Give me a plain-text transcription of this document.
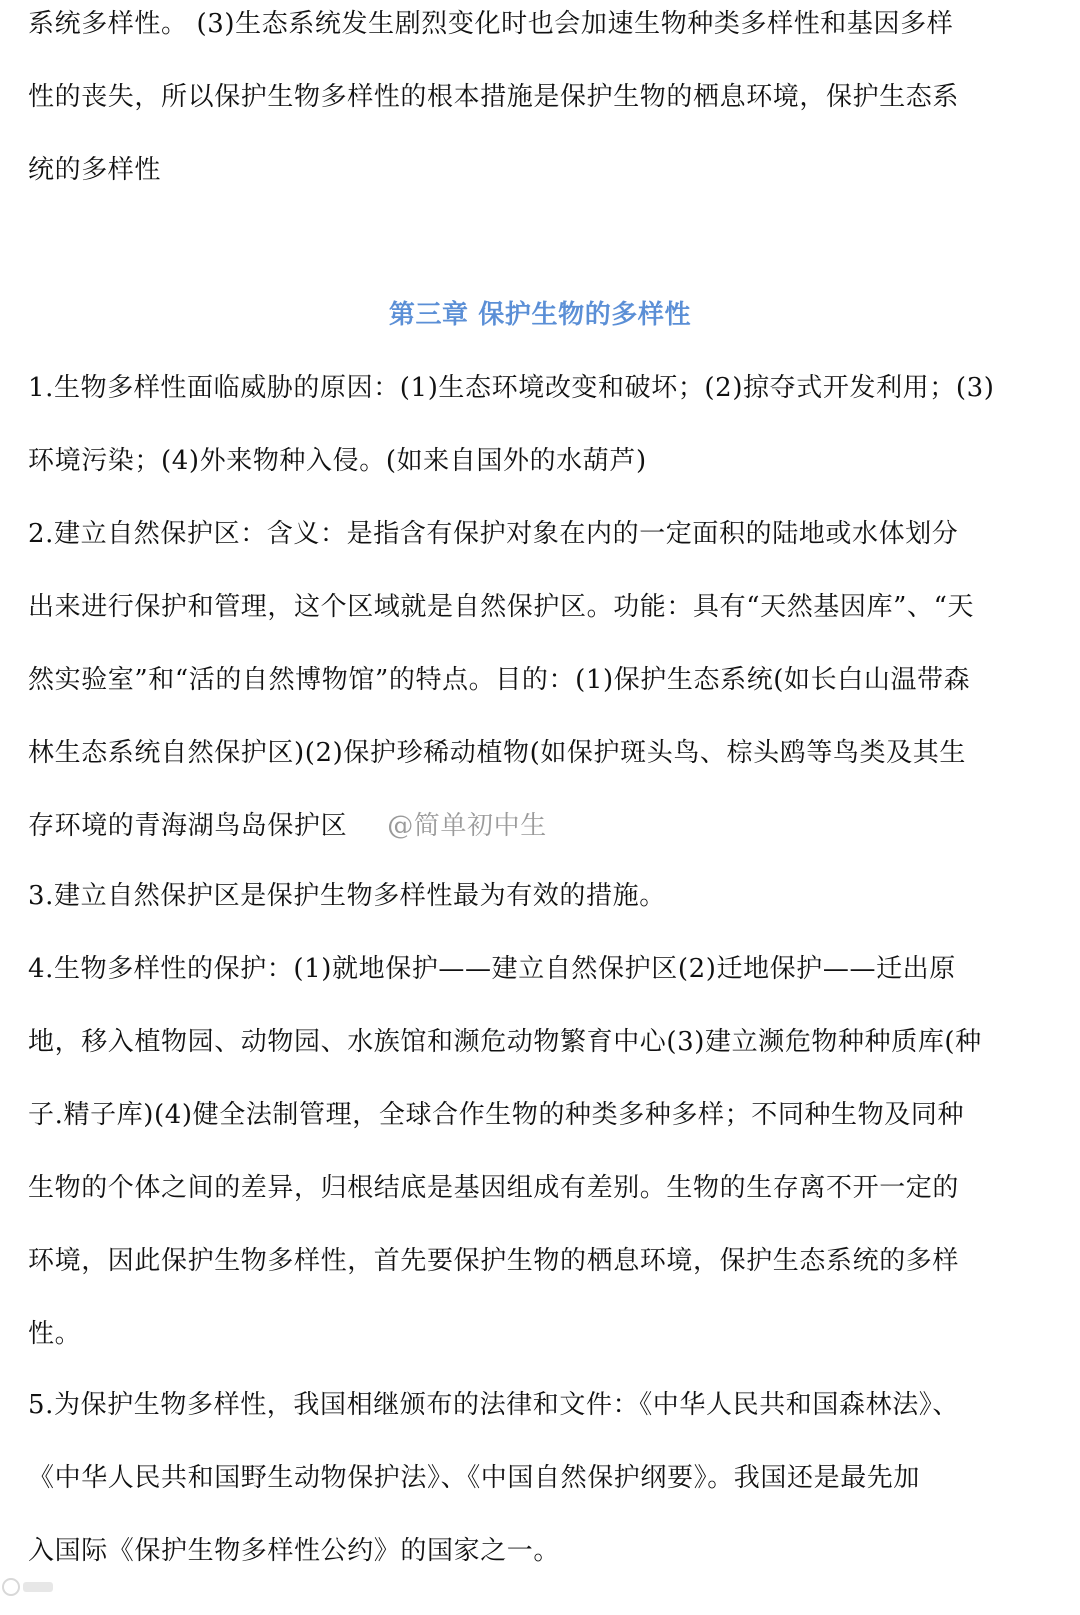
系统多样性。 (3)生态系统发生剧烈变化时也会加速生物种类多样性和基因多样
性的丧失，所以保护生物多样性的根本措施是保护生物的栖息环境，保护生态系
统的多样性

第三章 保护生物的多样性

1.生物多样性面临威胁的原因：(1)生态环境改变和破坏；(2)掠夺式开发利用；(3)
环境污染；(4)外来物种入侵。(如来自国外的水葫芦)

2.建立自然保护区：含义：是指含有保护对象在内的一定面积的陆地或水体划分
出来进行保护和管理，这个区域就是自然保护区。功能：具有“天然基因库”、“天
然实验室”和“活的自然博物馆”的特点。目的：(1)保护生态系统(如长白山温带森
林生态系统自然保护区)(2)保护珍稀动植物(如保护斑头鸟、棕头鸥等鸟类及其生
存环境的青海湖鸟岛保护区 @简单初中生

3.建立自然保护区是保护生物多样性最为有效的措施。

4.生物多样性的保护：(1)就地保护——建立自然保护区(2)迁地保护——迁出原
地，移入植物园、动物园、水族馆和濒危动物繁育中心(3)建立濒危物种种质库(种
子.精子库)(4)健全法制管理，全球合作生物的种类多种多样；不同种生物及同种
生物的个体之间的差异，归根结底是基因组成有差别。生物的生存离不开一定的
环境，因此保护生物多样性，首先要保护生物的栖息环境，保护生态系统的多样
性。

5.为保护生物多样性，我国相继颁布的法律和文件：《中华人民共和国森林法》、
《中华人民共和国野生动物保护法》、《中国自然保护纲要》。我国还是最先加
入国际《保护生物多样性公约》的国家之一。
